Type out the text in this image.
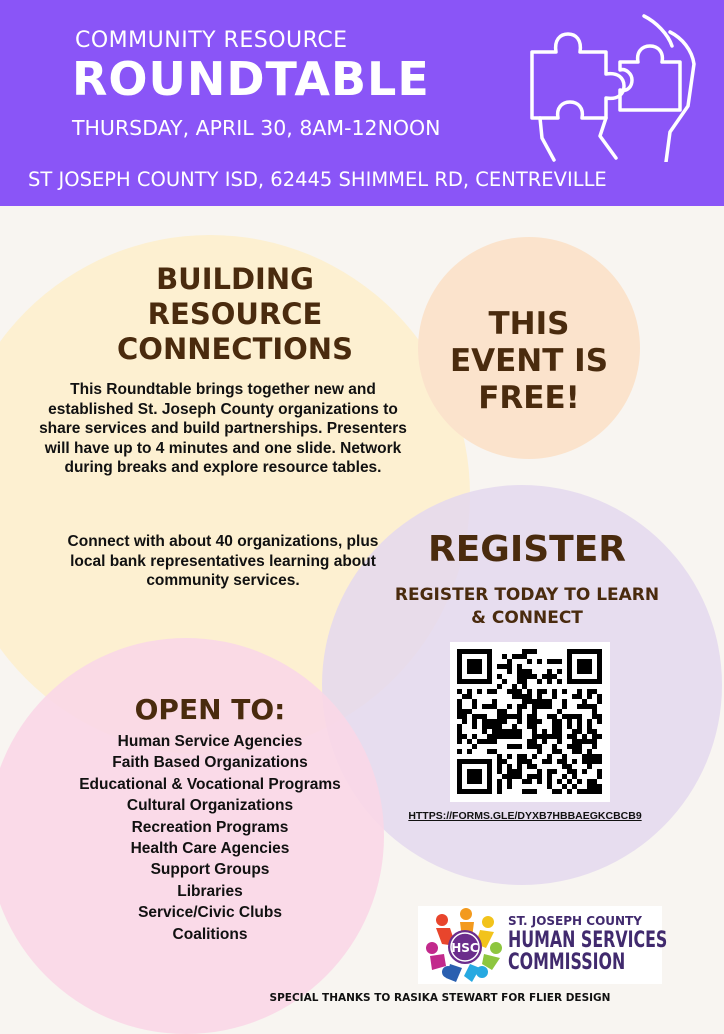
COMMUNITY RESOURCE
ROUNDTABLE
THURSDAY, APRIL 30, 8AM-12NOON
ST JOSEPH COUNTY ISD, 62445 SHIMMEL RD, CENTREVILLE
BUILDING RESOURCE CONNECTIONS
This Roundtable brings together new and established St. Joseph County organizations to share services and build partnerships. Presenters will have up to 4 minutes and one slide. Network during breaks and explore resource tables.
Connect with about 40 organizations, plus local bank representatives learning about community services.
THIS EVENT IS FREE!
REGISTER
REGISTER TODAY TO LEARN & CONNECT
HTTPS://FORMS.GLE/DYXB7HBBAEGKCBCB9
OPEN TO:
Human Service Agencies
Faith Based Organizations
Educational & Vocational Programs
Cultural Organizations
Recreation Programs
Health Care Agencies
Support Groups
Libraries
Service/Civic Clubs
Coalitions
HSC
ST. JOSEPH COUNTY
HUMAN SERVICES
COMMISSION
SPECIAL THANKS TO RASIKA STEWART FOR FLIER DESIGN
